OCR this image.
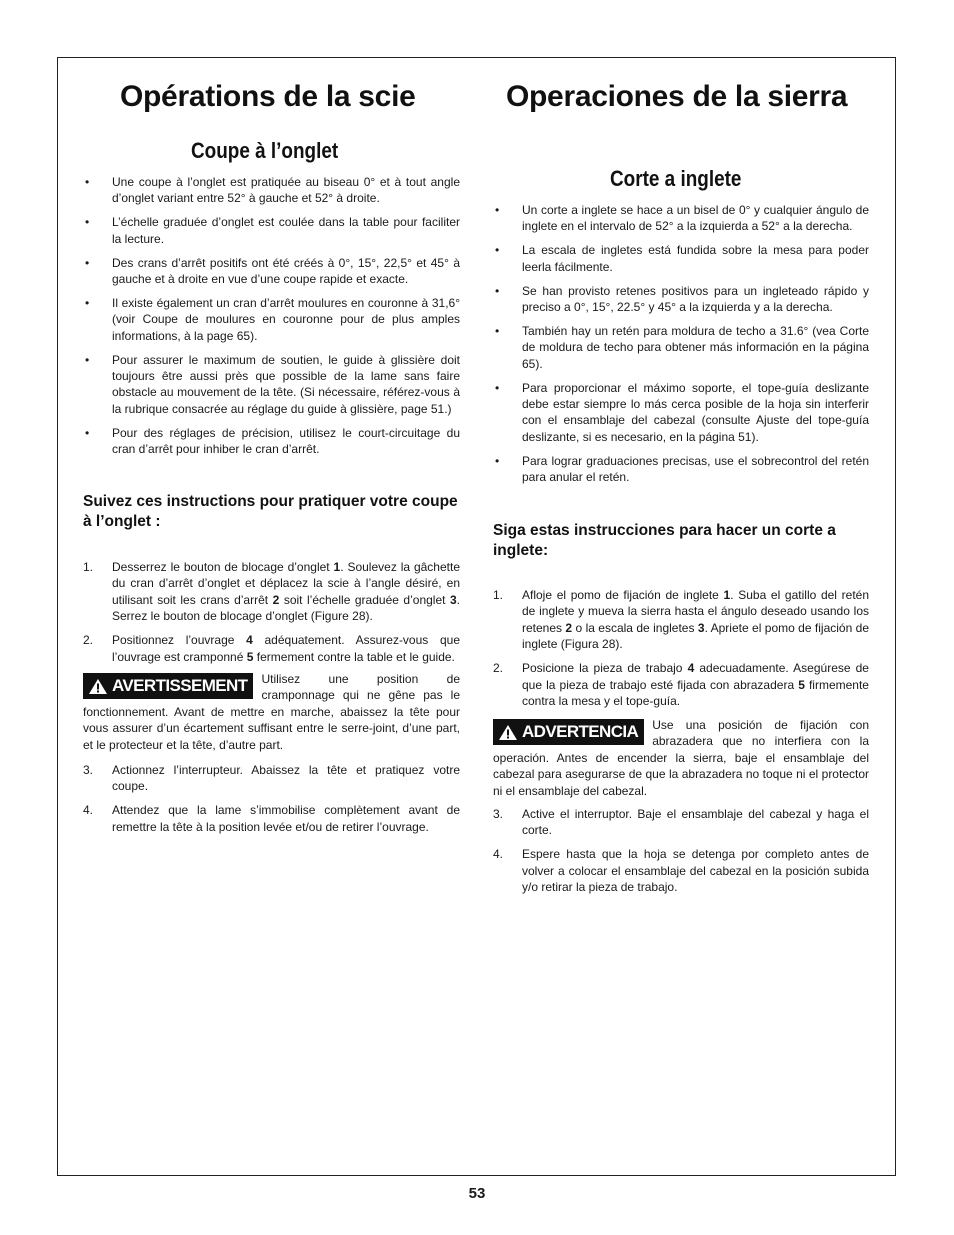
Opérations de la scie
Coupe à l’onglet
• Une coupe à l’onglet est pratiquée au biseau 0° et à tout angle d’onglet variant entre 52° à gauche et 52° à droite.
• L’échelle graduée d’onglet est coulée dans la table pour faciliter la lecture.
• Des crans d’arrêt positifs ont été créés à 0°, 15°, 22,5° et 45° à gauche et à droite en vue d’une coupe rapide et exacte.
• Il existe également un cran d’arrêt moulures en couronne à 31,6° (voir Coupe de moulures en couronne pour de plus amples informations, à la page 65).
• Pour assurer le maximum de soutien, le guide à glissière doit toujours être aussi près que possible de la lame sans faire obstacle au mouvement de la tête. (Si nécessaire, référez-vous à la rubrique consacrée au réglage du guide à glissière, page 51.)
• Pour des réglages de précision, utilisez le court-circuitage du cran d’arrêt pour inhiber le cran d’arrêt.

Suivez ces instructions pour pratiquer votre coupe à l’onglet :

1. Desserrez le bouton de blocage d’onglet 1. Soulevez la gâchette du cran d’arrêt d’onglet et déplacez la scie à l’angle désiré, en utilisant soit les crans d’arrêt 2 soit l’échelle graduée d’onglet 3. Serrez le bouton de blocage d’onglet (Figure 28).
2. Positionnez l’ouvrage 4 adéquatement. Assurez-vous que l’ouvrage est cramponné 5 fermement contre la table et le guide.
AVERTISSEMENT Utilisez une position de cramponnage qui ne gêne pas le fonctionnement. Avant de mettre en marche, abaissez la tête pour vous assurer d’un écartement suffisant entre le serre-joint, d’une part, et le protecteur et la tête, d’autre part.
3. Actionnez l’interrupteur. Abaissez la tête et pratiquez votre coupe.
4. Attendez que la lame s’immobilise complètement avant de remettre la tête à la position levée et/ou de retirer l’ouvrage.
Operaciones de la sierra
Corte a inglete
• Un corte a inglete se hace a un bisel de 0° y cualquier ángulo de inglete en el intervalo de 52° a la izquierda a 52° a la derecha.
• La escala de ingletes está fundida sobre la mesa para poder leerla fácilmente.
• Se han provisto retenes positivos para un ingleteado rápido y preciso a 0°, 15°, 22.5° y 45° a la izquierda y a la derecha.
• También hay un retén para moldura de techo a 31.6° (vea Corte de moldura de techo para obtener más información en la página 65).
• Para proporcionar el máximo soporte, el tope-guía deslizante debe estar siempre lo más cerca posible de la hoja sin interferir con el ensamblaje del cabezal (consulte Ajuste del tope-guía deslizante, si es necesario, en la página 51).
• Para lograr graduaciones precisas, use el sobrecontrol del retén para anular el retén.

Siga estas instrucciones para hacer un corte a inglete:

1. Afloje el pomo de fijación de inglete 1. Suba el gatillo del retén de inglete y mueva la sierra hasta el ángulo deseado usando los retenes 2 o la escala de ingletes 3. Apriete el pomo de fijación de inglete (Figura 28).
2. Posicione la pieza de trabajo 4 adecuadamente. Asegúrese de que la pieza de trabajo esté fijada con abrazadera 5 firmemente contra la mesa y el tope-guía.
ADVERTENCIA Use una posición de fijación con abrazadera que no interfiera con la operación. Antes de encender la sierra, baje el ensamblaje del cabezal para asegurarse de que la abrazadera no toque ni el protector ni el ensamblaje del cabezal.
3. Active el interruptor. Baje el ensamblaje del cabezal y haga el corte.
4. Espere hasta que la hoja se detenga por completo antes de volver a colocar el ensamblaje del cabezal en la posición subida y/o retirar la pieza de trabajo.
53
